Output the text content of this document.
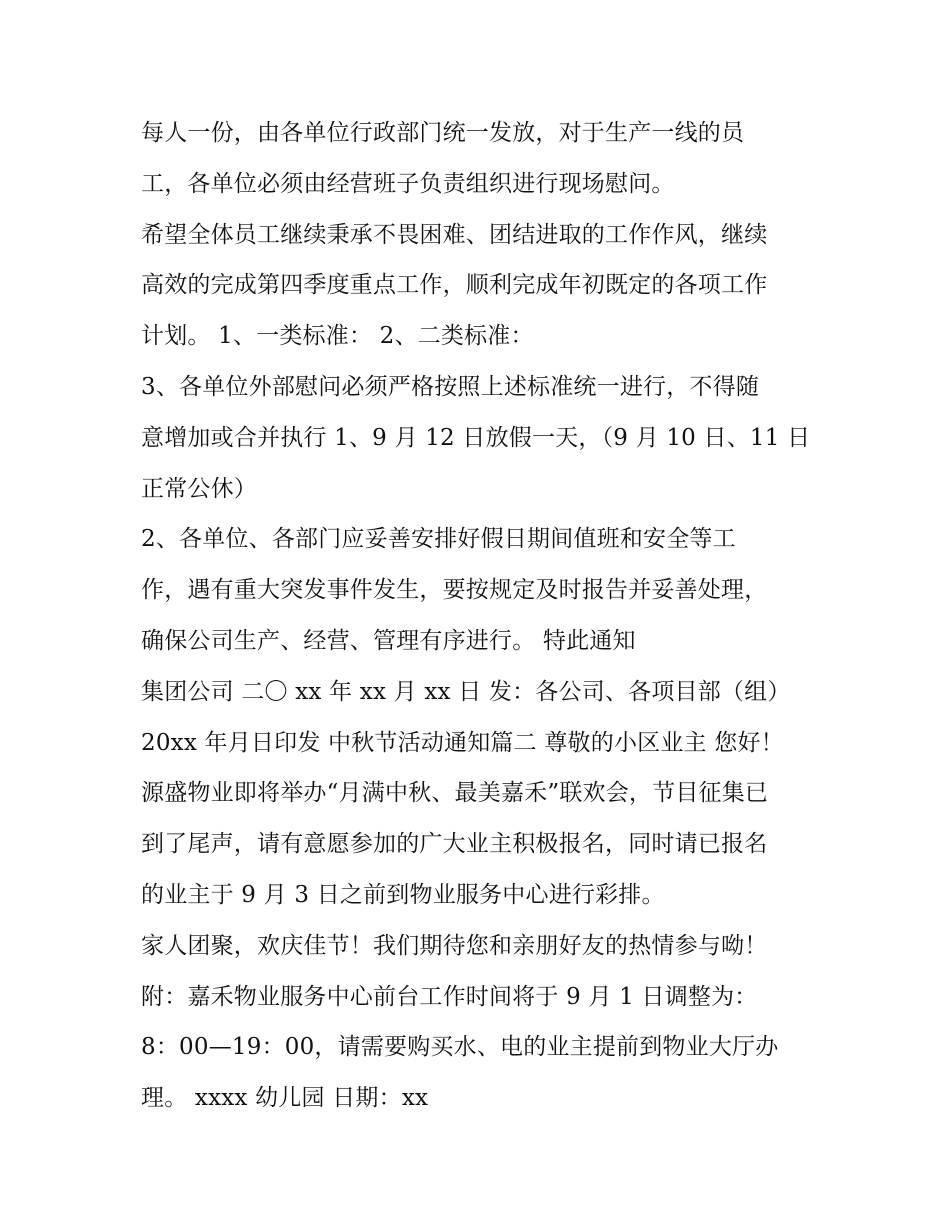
每人一份，由各单位行政部门统一发放，对于生产一线的员
工，各单位必须由经营班子负责组织进行现场慰问。
希望全体员工继续秉承不畏困难、团结进取的工作作风，继续
高效的完成第四季度重点工作，顺利完成年初既定的各项工作
计划。 1、一类标准： 2、二类标准：
3、各单位外部慰问必须严格按照上述标准统一进行，不得随
意增加或合并执行 1、9 月 12 日放假一天，（9 月 10 日、11 日
正常公休）
2、各单位、各部门应妥善安排好假日期间值班和安全等工
作，遇有重大突发事件发生，要按规定及时报告并妥善处理，
确保公司生产、经营、管理有序进行。 特此通知
集团公司 二〇 xx 年 xx 月 xx 日 发：各公司、各项目部（组）
20xx 年月日印发 中秋节活动通知篇二 尊敬的小区业主 您好！
源盛物业即将举办“月满中秋、最美嘉禾”联欢会，节目征集已
到了尾声，请有意愿参加的广大业主积极报名，同时请已报名
的业主于 9 月 3 日之前到物业服务中心进行彩排。
家人团聚，欢庆佳节！我们期待您和亲朋好友的热情参与呦！
附：嘉禾物业服务中心前台工作时间将于 9 月 1 日调整为：
8：00—19：00，请需要购买水、电的业主提前到物业大厅办
理。 xxxx 幼儿园 日期：xx
